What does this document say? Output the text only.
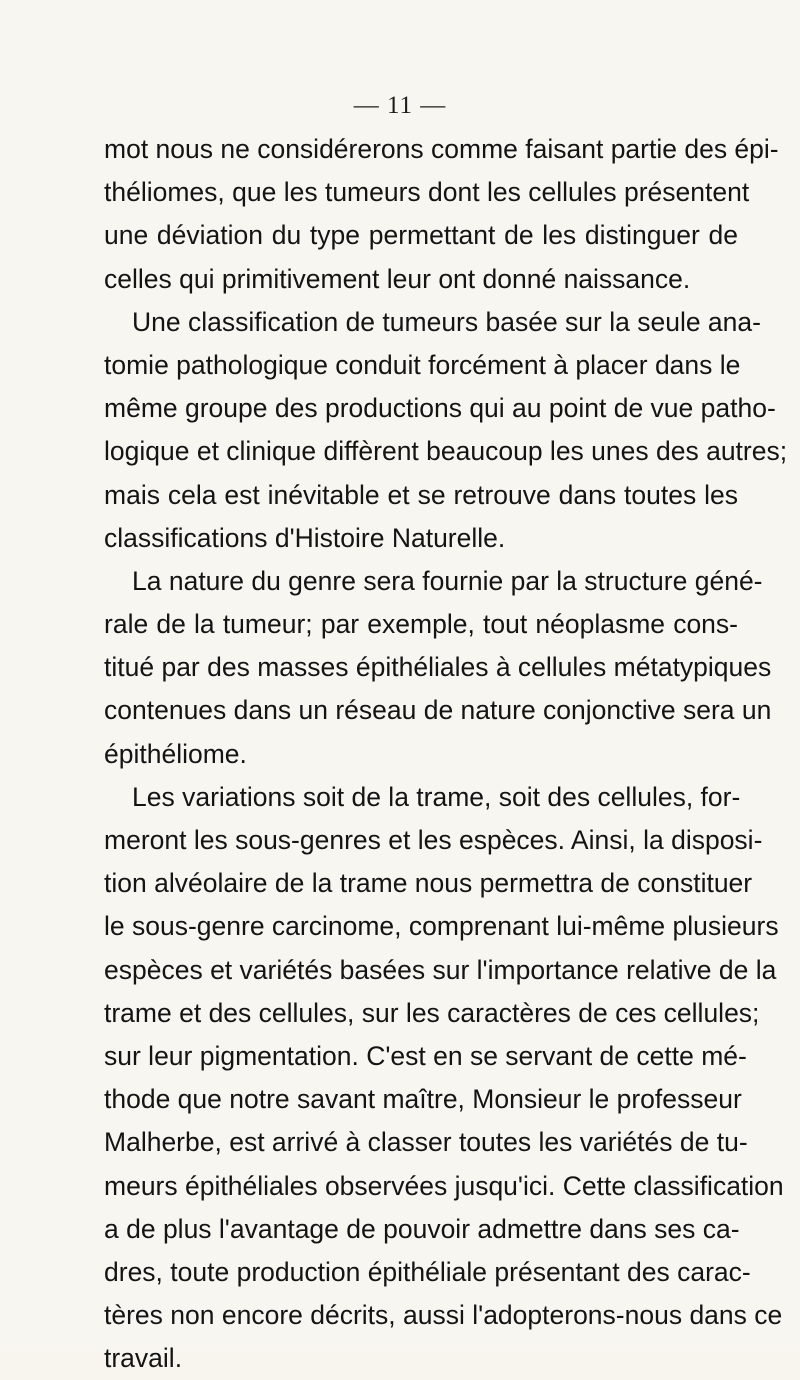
— 11 —
mot nous ne considérerons comme faisant partie des épi-
théliomes, que les tumeurs dont les cellules présentent
une déviation du type permettant de les distinguer de
celles qui primitivement leur ont donné naissance.
Une classification de tumeurs basée sur la seule ana-
tomie pathologique conduit forcément à placer dans le
même groupe des productions qui au point de vue patho-
logique et clinique diffèrent beaucoup les unes des autres;
mais cela est inévitable et se retrouve dans toutes les
classifications d'Histoire Naturelle.
La nature du genre sera fournie par la structure géné-
rale de la tumeur; par exemple, tout néoplasme cons-
titué par des masses épithéliales à cellules métatypiques
contenues dans un réseau de nature conjonctive sera un
épithéliome.
Les variations soit de la trame, soit des cellules, for-
meront les sous-genres et les espèces. Ainsi, la disposi-
tion alvéolaire de la trame nous permettra de constituer
le sous-genre carcinome, comprenant lui-même plusieurs
espèces et variétés basées sur l'importance relative de la
trame et des cellules, sur les caractères de ces cellules;
sur leur pigmentation. C'est en se servant de cette mé-
thode que notre savant maître, Monsieur le professeur
Malherbe, est arrivé à classer toutes les variétés de tu-
meurs épithéliales observées jusqu'ici. Cette classification
a de plus l'avantage de pouvoir admettre dans ses ca-
dres, toute production épithéliale présentant des carac-
tères non encore décrits, aussi l'adopterons-nous dans ce
travail.
